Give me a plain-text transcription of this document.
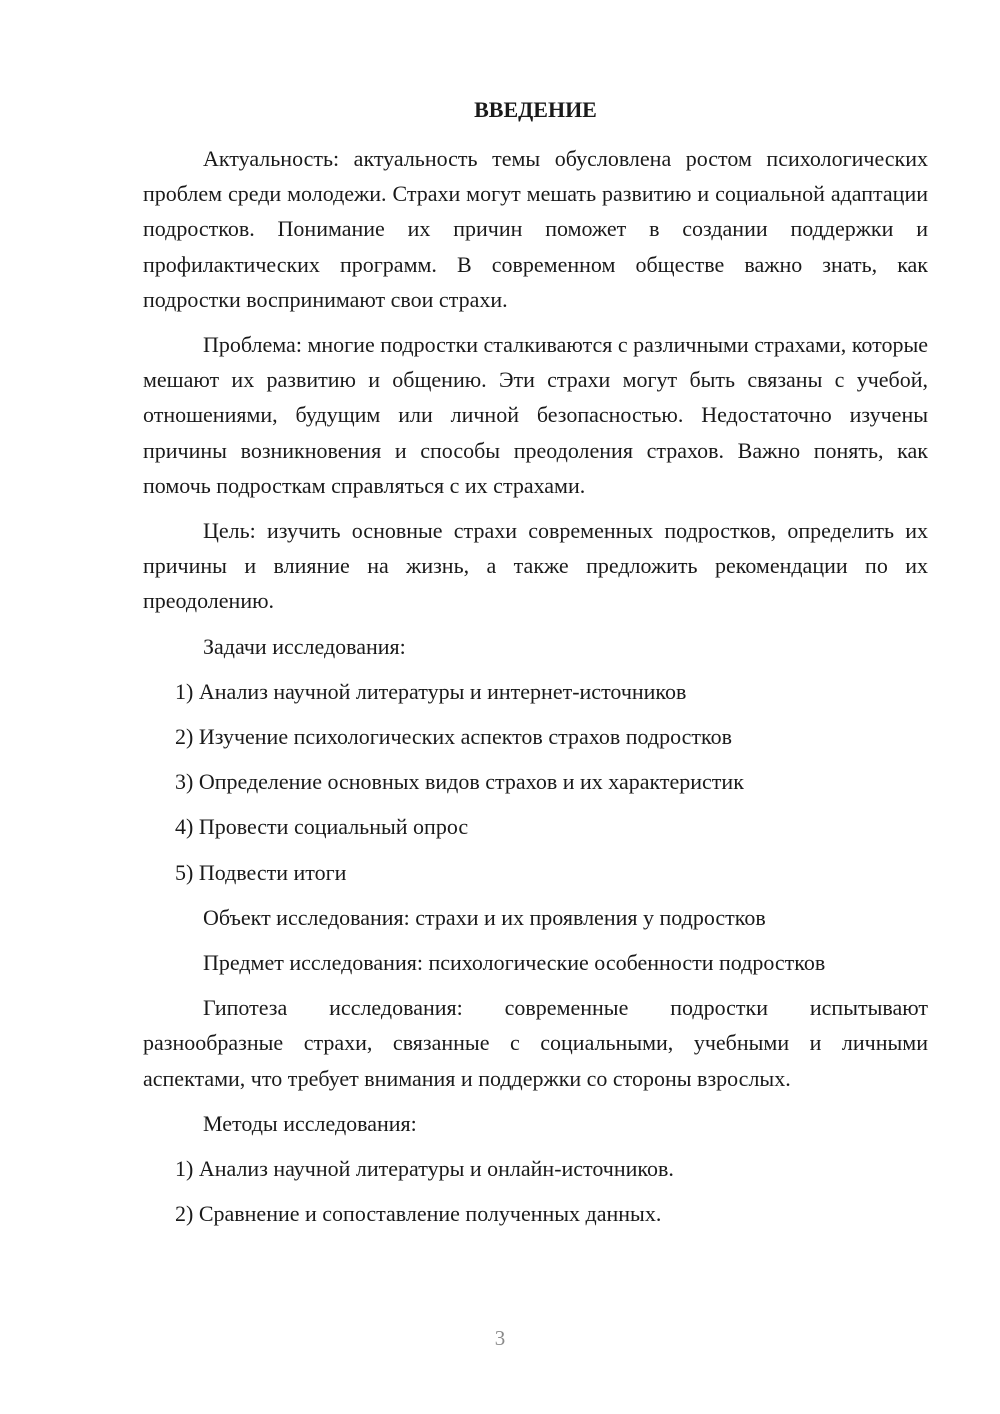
ВВЕДЕНИЕ

Актуальность: актуальность темы обусловлена ростом психологических проблем среди молодежи. Страхи могут мешать развитию и социальной адаптации подростков. Понимание их причин поможет в создании поддержки и профилактических программ. В современном обществе важно знать, как подростки воспринимают свои страхи.

Проблема: многие подростки сталкиваются с различными страхами, которые мешают их развитию и общению. Эти страхи могут быть связаны с учебой, отношениями, будущим или личной безопасностью. Недостаточно изучены причины возникновения и способы преодоления страхов. Важно понять, как помочь подросткам справляться с их страхами.

Цель: изучить основные страхи современных подростков, определить их причины и влияние на жизнь, а также предложить рекомендации по их преодолению.

Задачи исследования:

1) Анализ научной литературы и интернет-источников
2) Изучение психологических аспектов страхов подростков
3) Определение основных видов страхов и их характеристик
4) Провести социальный опрос
5) Подвести итоги

Объект исследования: страхи и их проявления у подростков

Предмет исследования: психологические особенности подростков

Гипотеза исследования: современные подростки испытывают разнообразные страхи, связанные с социальными, учебными и личными аспектами, что требует внимания и поддержки со стороны взрослых.

Методы исследования:

1) Анализ научной литературы и онлайн-источников.
2) Сравнение и сопоставление полученных данных.
3
